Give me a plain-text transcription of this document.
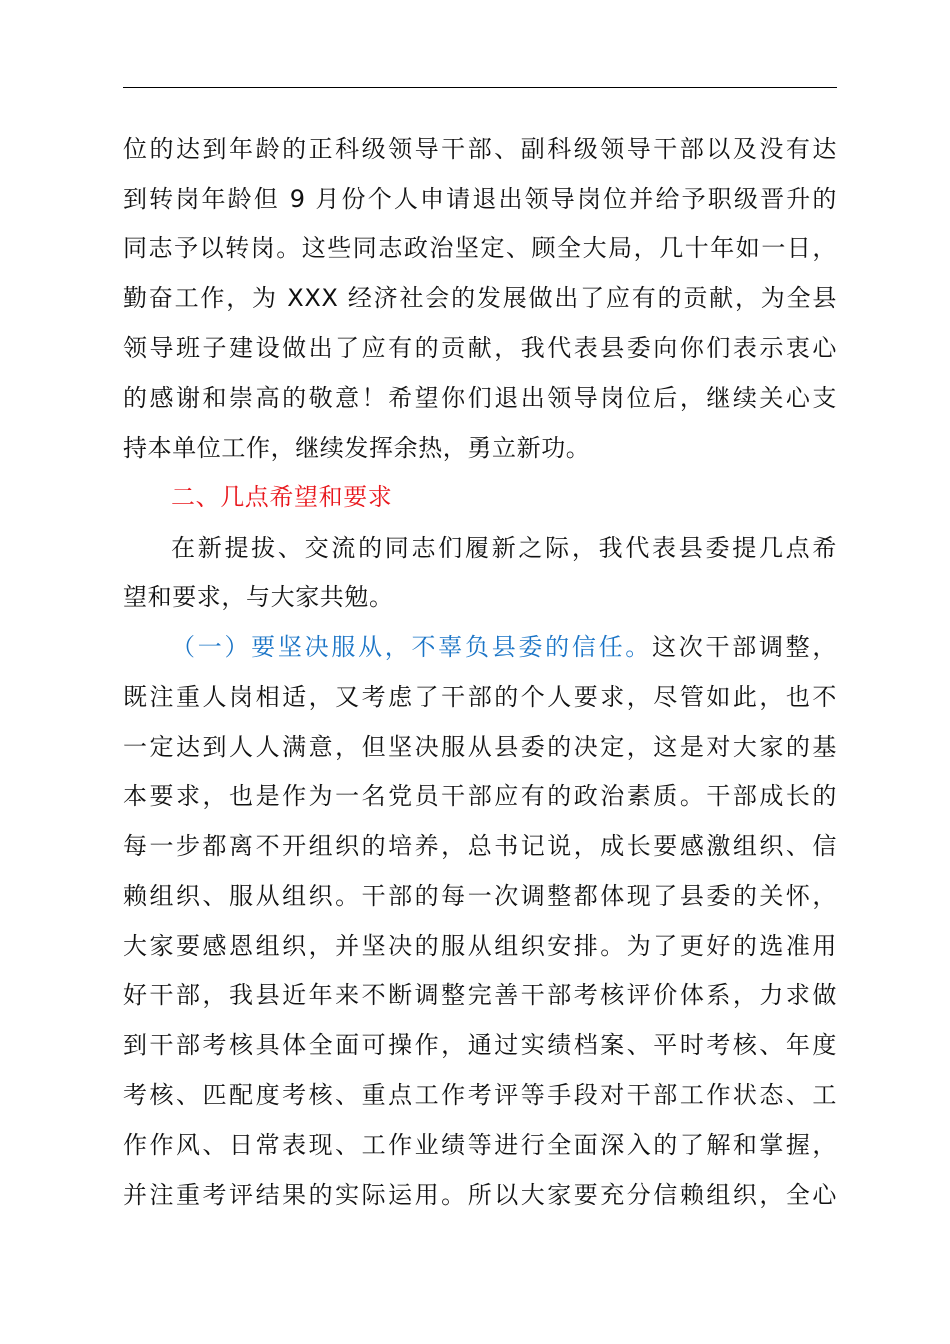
位的达到年龄的正科级领导干部、副科级领导干部以及没有达
到转岗年龄但 9 月份个人申请退出领导岗位并给予职级晋升的
同志予以转岗。这些同志政治坚定、顾全大局，几十年如一日，
勤奋工作，为 XXX 经济社会的发展做出了应有的贡献，为全县
领导班子建设做出了应有的贡献，我代表县委向你们表示衷心
的感谢和崇高的敬意！希望你们退出领导岗位后，继续关心支
持本单位工作，继续发挥余热，勇立新功。
二、几点希望和要求
在新提拔、交流的同志们履新之际，我代表县委提几点希
望和要求，与大家共勉。
（一）要坚决服从，不辜负县委的信任。这次干部调整，
既注重人岗相适，又考虑了干部的个人要求，尽管如此，也不
一定达到人人满意，但坚决服从县委的决定，这是对大家的基
本要求，也是作为一名党员干部应有的政治素质。干部成长的
每一步都离不开组织的培养，总书记说，成长要感激组织、信
赖组织、服从组织。干部的每一次调整都体现了县委的关怀，
大家要感恩组织，并坚决的服从组织安排。为了更好的选准用
好干部，我县近年来不断调整完善干部考核评价体系，力求做
到干部考核具体全面可操作，通过实绩档案、平时考核、年度
考核、匹配度考核、重点工作考评等手段对干部工作状态、工
作作风、日常表现、工作业绩等进行全面深入的了解和掌握，
并注重考评结果的实际运用。所以大家要充分信赖组织，全心
